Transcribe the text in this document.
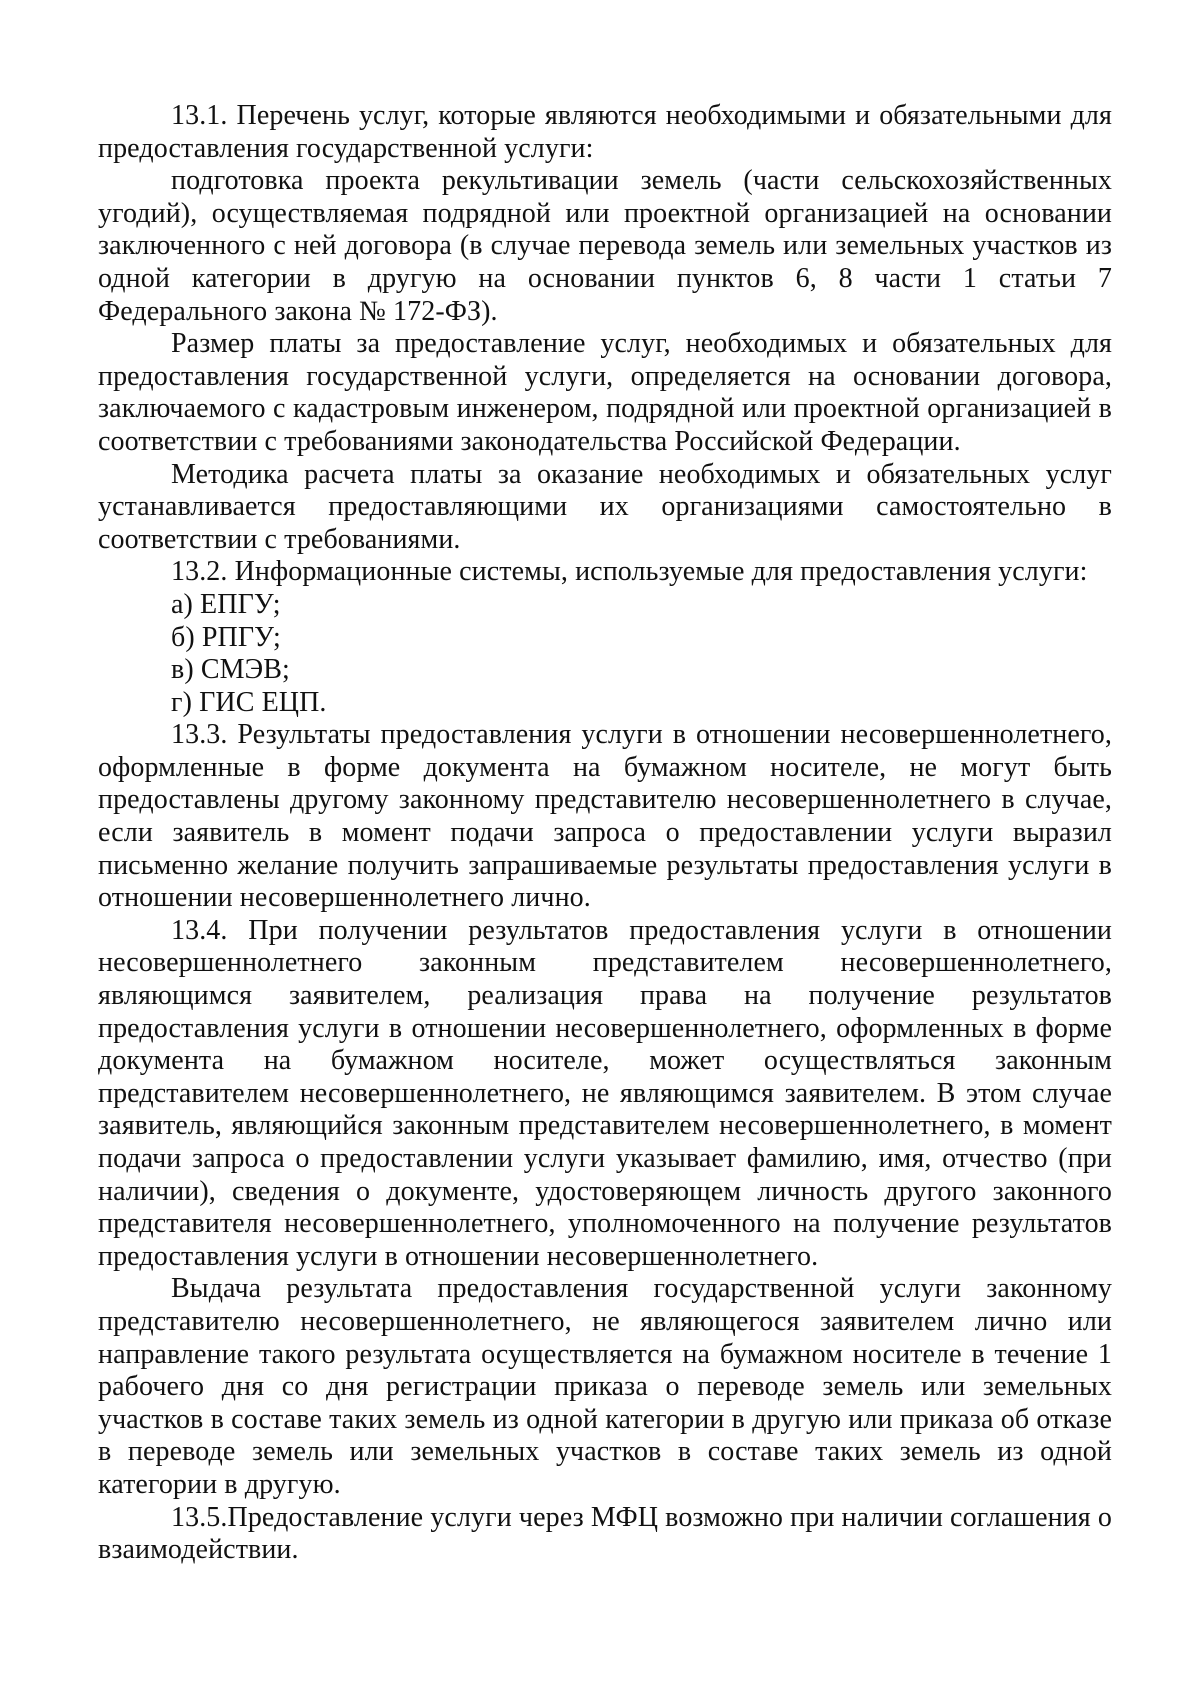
13.1. Перечень услуг, которые являются необходимыми и обязательными для предоставления государственной услуги:

подготовка проекта рекультивации земель (части сельскохозяйственных угодий), осуществляемая подрядной или проектной организацией на основании заключенного с ней договора (в случае перевода земель или земельных участков из одной категории в другую на основании пунктов 6, 8 части 1 статьи 7 Федерального закона № 172-ФЗ).

Размер платы за предоставление услуг, необходимых и обязательных для предоставления государственной услуги, определяется на основании договора, заключаемого с кадастровым инженером, подрядной или проектной организацией в соответствии с требованиями законодательства Российской Федерации.

Методика расчета платы за оказание необходимых и обязательных услуг устанавливается предоставляющими их организациями самостоятельно в соответствии с требованиями.

13.2. Информационные системы, используемые для предоставления услуги:

а) ЕПГУ;

б) РПГУ;

в) СМЭВ;

г) ГИС ЕЦП.

13.3. Результаты предоставления услуги в отношении несовершеннолетнего, оформленные в форме документа на бумажном носителе, не могут быть предоставлены другому законному представителю несовершеннолетнего в случае, если заявитель в момент подачи запроса о предоставлении услуги выразил письменно желание получить запрашиваемые результаты предоставления услуги в отношении несовершеннолетнего лично.

13.4. При получении результатов предоставления услуги в отношении несовершеннолетнего законным представителем несовершеннолетнего, являющимся заявителем, реализация права на получение результатов предоставления услуги в отношении несовершеннолетнего, оформленных в форме документа на бумажном носителе, может осуществляться законным представителем несовершеннолетнего, не являющимся заявителем. В этом случае заявитель, являющийся законным представителем несовершеннолетнего, в момент подачи запроса о предоставлении услуги указывает фамилию, имя, отчество (при наличии), сведения о документе, удостоверяющем личность другого законного представителя несовершеннолетнего, уполномоченного на получение результатов предоставления услуги в отношении несовершеннолетнего.

Выдача результата предоставления государственной услуги законному представителю несовершеннолетнего, не являющегося заявителем лично или направление такого результата осуществляется на бумажном носителе в течение 1 рабочего дня со дня регистрации приказа о переводе земель или земельных участков в составе таких земель из одной категории в другую или приказа об отказе в переводе земель или земельных участков в составе таких земель из одной категории в другую.

13.5.Предоставление услуги через МФЦ возможно при наличии соглашения о взаимодействии.
